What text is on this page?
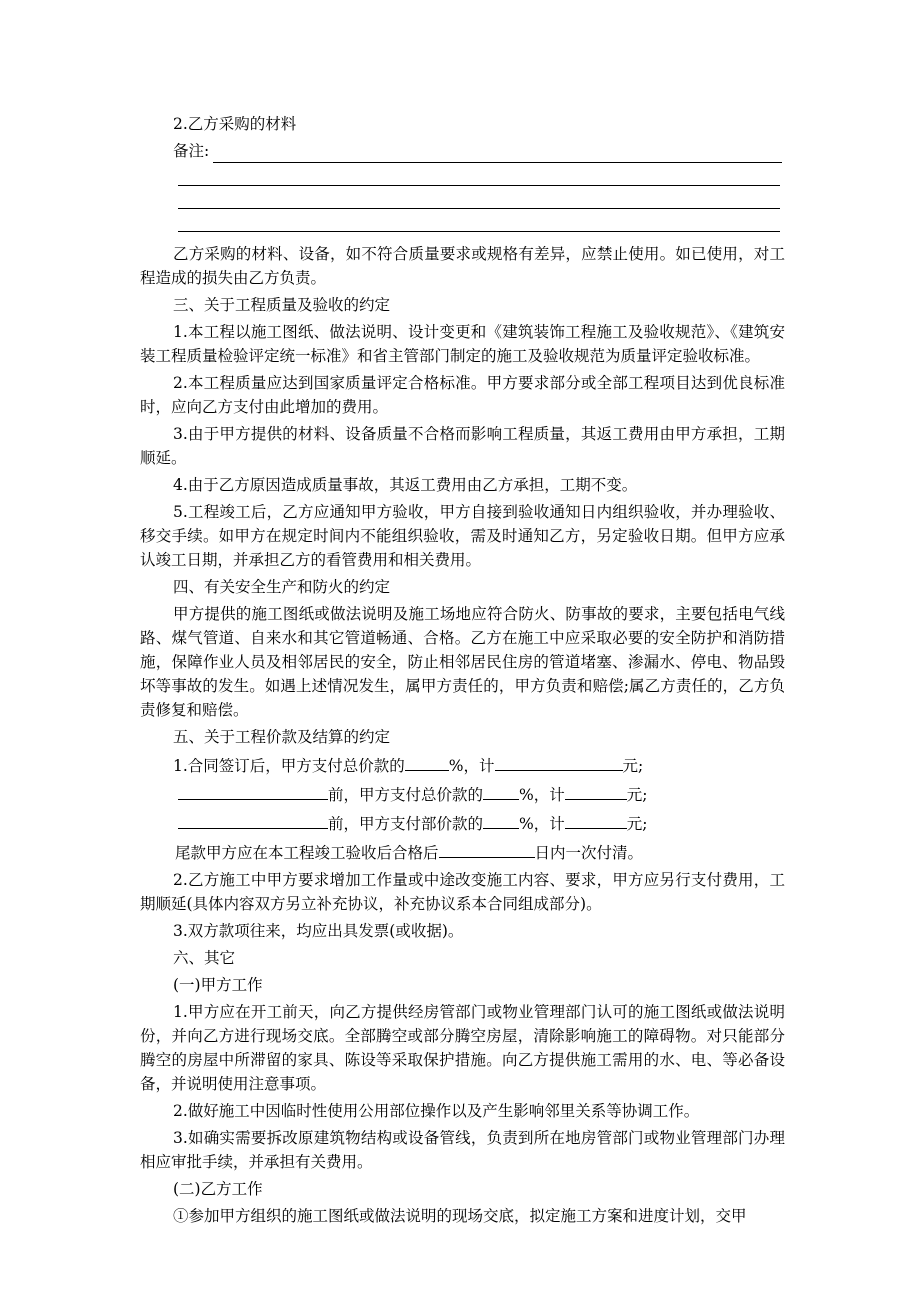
2.乙方采购的材料

备注:

乙方采购的材料、设备，如不符合质量要求或规格有差异，应禁止使用。如已使用，对工程造成的损失由乙方负责。

三、关于工程质量及验收的约定

1.本工程以施工图纸、做法说明、设计变更和《建筑装饰工程施工及验收规范》、《建筑安装工程质量检验评定统一标准》和省主管部门制定的施工及验收规范为质量评定验收标准。

2.本工程质量应达到国家质量评定合格标准。甲方要求部分或全部工程项目达到优良标准时，应向乙方支付由此增加的费用。

3.由于甲方提供的材料、设备质量不合格而影响工程质量，其返工费用由甲方承担，工期顺延。

4.由于乙方原因造成质量事故，其返工费用由乙方承担，工期不变。

5.工程竣工后，乙方应通知甲方验收，甲方自接到验收通知日内组织验收，并办理验收、移交手续。如甲方在规定时间内不能组织验收，需及时通知乙方，另定验收日期。但甲方应承认竣工日期，并承担乙方的看管费用和相关费用。

四、有关安全生产和防火的约定

甲方提供的施工图纸或做法说明及施工场地应符合防火、防事故的要求，主要包括电气线路、煤气管道、自来水和其它管道畅通、合格。乙方在施工中应采取必要的安全防护和消防措施，保障作业人员及相邻居民的安全，防止相邻居民住房的管道堵塞、渗漏水、停电、物品毁坏等事故的发生。如遇上述情况发生，属甲方责任的，甲方负责和赔偿;属乙方责任的，乙方负责修复和赔偿。

五、关于工程价款及结算的约定

1.合同签订后，甲方支付总价款的	%，计	元;

前，甲方支付总价款的 %，计	元;

前，甲方支付部价款的 %，计	元;

尾款甲方应在本工程竣工验收后合格后	日内一次付清。

2.乙方施工中甲方要求增加工作量或中途改变施工内容、要求，甲方应另行支付费用，工期顺延(具体内容双方另立补充协议，补充协议系本合同组成部分)。

3.双方款项往来，均应出具发票(或收据)。

六、其它

(一)甲方工作

1.甲方应在开工前天，向乙方提供经房管部门或物业管理部门认可的施工图纸或做法说明份，并向乙方进行现场交底。全部腾空或部分腾空房屋，清除影响施工的障碍物。对只能部分腾空的房屋中所滞留的家具、陈设等采取保护措施。向乙方提供施工需用的水、电、等必备设备，并说明使用注意事项。

2.做好施工中因临时性使用公用部位操作以及产生影响邻里关系等协调工作。

3.如确实需要拆改原建筑物结构或设备管线，负责到所在地房管部门或物业管理部门办理相应审批手续，并承担有关费用。

(二)乙方工作

①参加甲方组织的施工图纸或做法说明的现场交底，拟定施工方案和进度计划，交甲
